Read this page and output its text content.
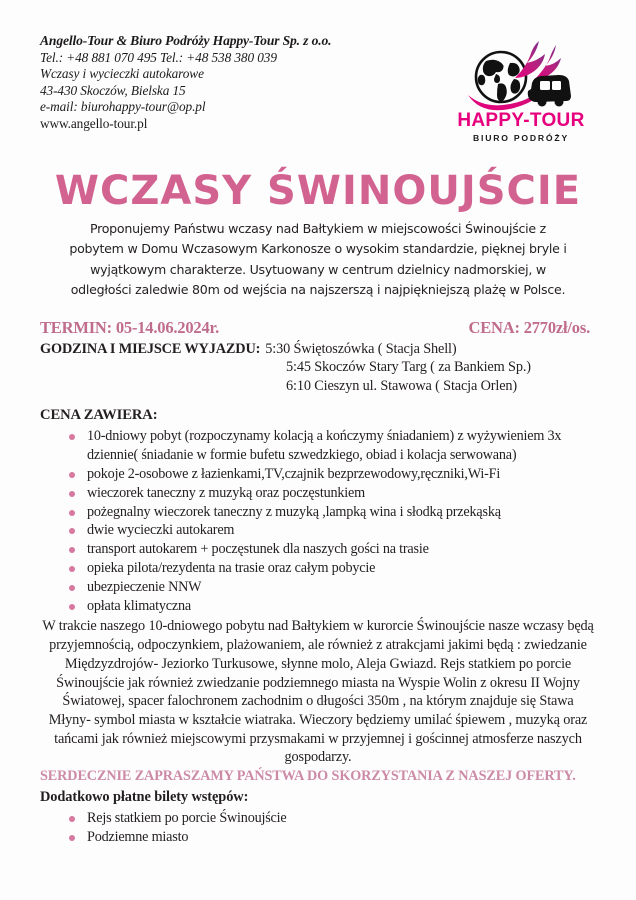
Angello-Tour & Biuro Podróży Happy-Tour Sp. z o.o.
Tel.: +48 881 070 495 Tel.: +48 538 380 039
Wczasy i wycieczki autokarowe
43-430 Skoczów, Bielska 15
e-mail: biurohappy-tour@op.pl
www.angello-tour.pl	HAPPY-TOUR
BIURO PODRÓŻY
WCZASY ŚWINOUJŚCIE
Proponujemy Państwu wczasy nad Bałtykiem w miejscowości Świnoujście z pobytem w Domu Wczasowym Karkonosze o wysokim standardzie, pięknej bryle i wyjątkowym charakterze. Usytuowany w centrum dzielnicy nadmorskiej, w odległości zaledwie 80m od wejścia na najszerszą i najpiękniejszą plażę w Polsce.
TERMIN: 05-14.06.2024r.	CENA: 2770zł/os.
GODZINA I MIEJSCE WYJAZDU: 5:30 Świętoszówka ( Stacja Shell)
5:45 Skoczów Stary Targ ( za Bankiem Sp.)
6:10 Cieszyn ul. Stawowa ( Stacja Orlen)
CENA ZAWIERA:
10-dniowy pobyt (rozpoczynamy kolacją a kończymy śniadaniem) z wyżywieniem 3x dziennie( śniadanie w formie bufetu szwedzkiego, obiad i kolacja serwowana)
pokoje 2-osobowe z łazienkami,TV,czajnik bezprzewodowy,ręczniki,Wi-Fi
wieczorek taneczny z muzyką oraz poczęstunkiem
pożegnalny wieczorek taneczny z muzyką ,lampką wina i słodką przekąską
dwie wycieczki autokarem
transport autokarem + poczęstunek dla naszych gości na trasie
opieka pilota/rezydenta na trasie oraz całym pobycie
ubezpieczenie NNW
opłata klimatyczna
W trakcie naszego 10-dniowego pobytu nad Bałtykiem w kurorcie Świnoujście nasze wczasy będą przyjemnością, odpoczynkiem, plażowaniem, ale również z atrakcjami jakimi będą : zwiedzanie Międzyzdrojów- Jeziorko Turkusowe, słynne molo, Aleja Gwiazd. Rejs statkiem po porcie Świnoujście jak również zwiedzanie podziemnego miasta na Wyspie Wolin z okresu II Wojny Światowej, spacer falochronem zachodnim o długości 350m , na którym znajduje się Stawa Młyny- symbol miasta w kształcie wiatraka. Wieczory będziemy umilać śpiewem , muzyką oraz tańcami jak również miejscowymi przysmakami w przyjemnej i gościnnej atmosferze naszych gospodarzy.
SERDECZNIE ZAPRASZAMY PAŃSTWA DO SKORZYSTANIA Z NASZEJ OFERTY.
Dodatkowo płatne bilety wstępów:
Rejs statkiem po porcie Świnoujście
Podziemne miasto
